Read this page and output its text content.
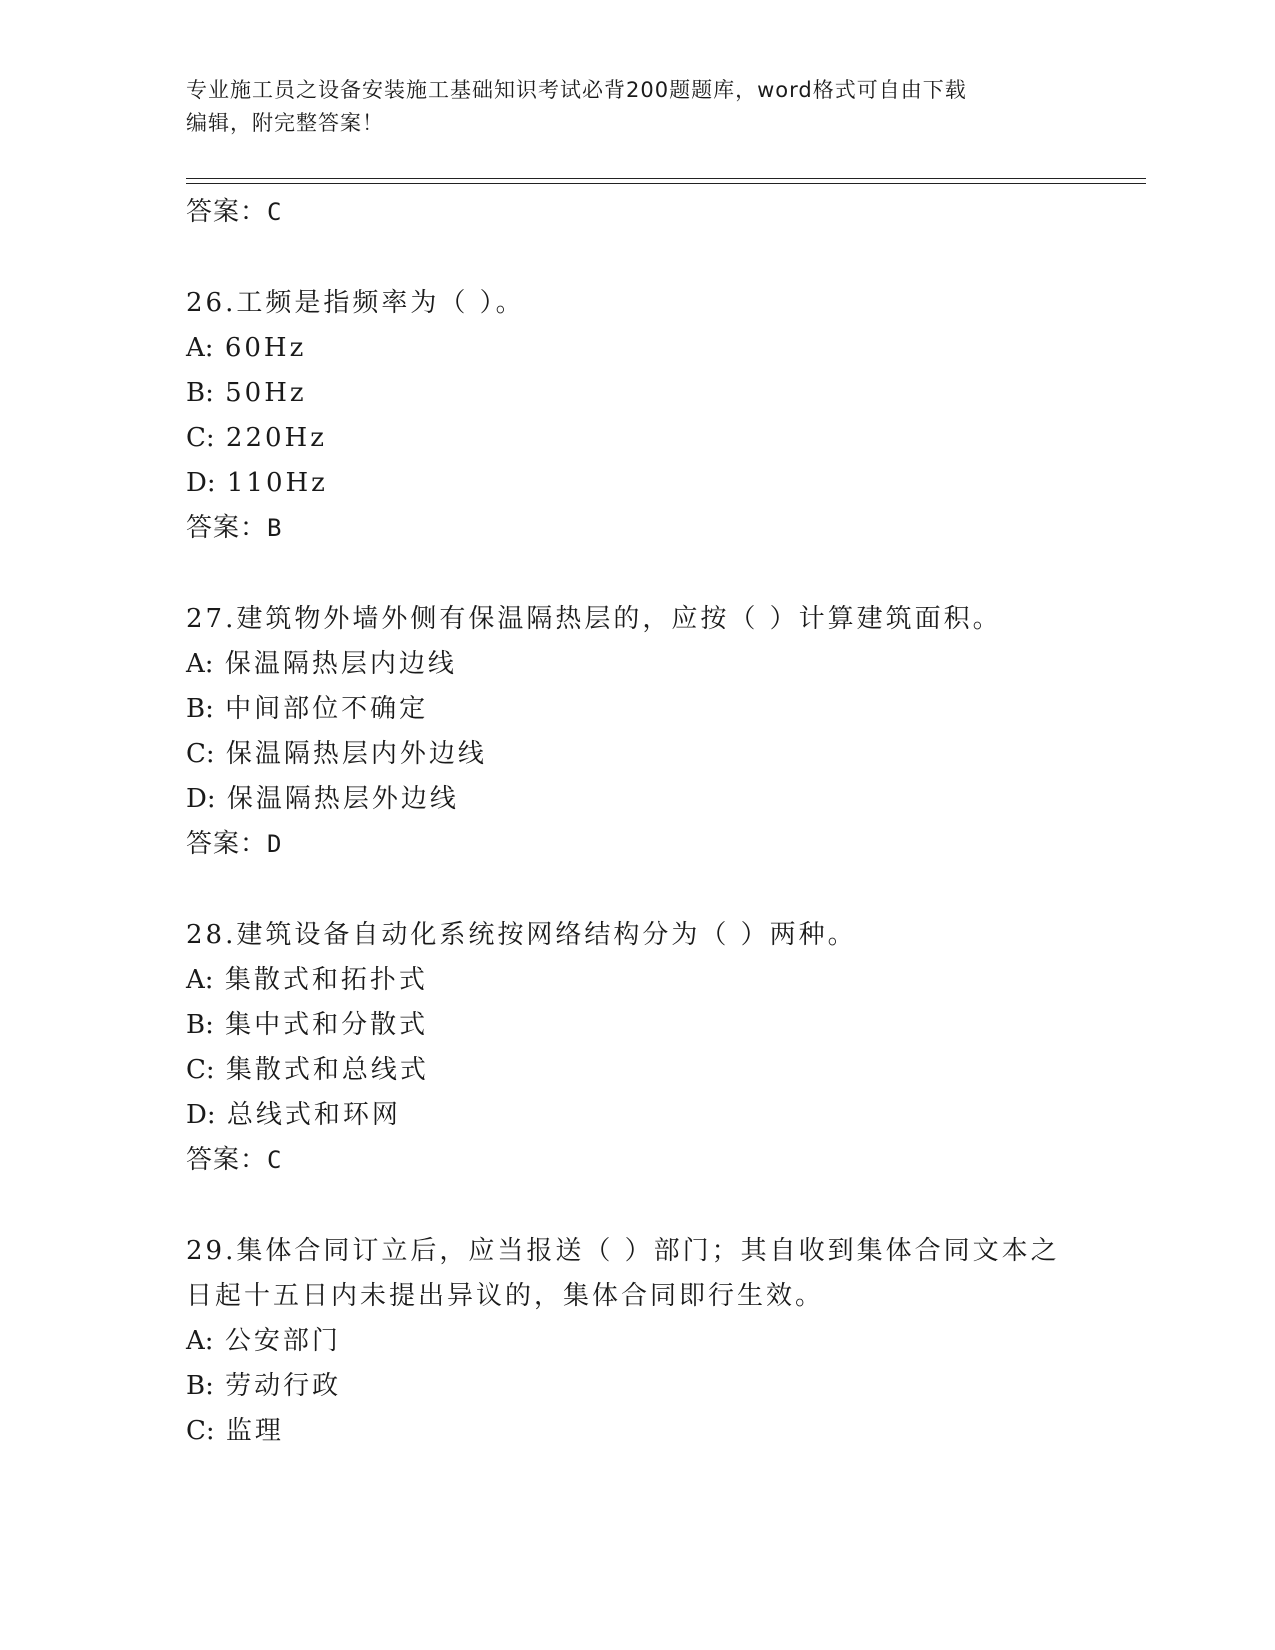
专业施工员之设备安装施工基础知识考试必背200题题库，word格式可自由下载
编辑，附完整答案！
答案：C
26.工频是指频率为（ ）。
A: 60Hz
B: 50Hz
C: 220Hz
D: 110Hz
答案：B
27.建筑物外墙外侧有保温隔热层的，应按（ ）计算建筑面积。
A: 保温隔热层内边线
B: 中间部位不确定
C: 保温隔热层内外边线
D: 保温隔热层外边线
答案：D
28.建筑设备自动化系统按网络结构分为（ ）两种。
A: 集散式和拓扑式
B: 集中式和分散式
C: 集散式和总线式
D: 总线式和环网
答案：C
29.集体合同订立后，应当报送（ ）部门；其自收到集体合同文本之
日起十五日内未提出异议的，集体合同即行生效。
A: 公安部门
B: 劳动行政
C: 监理
